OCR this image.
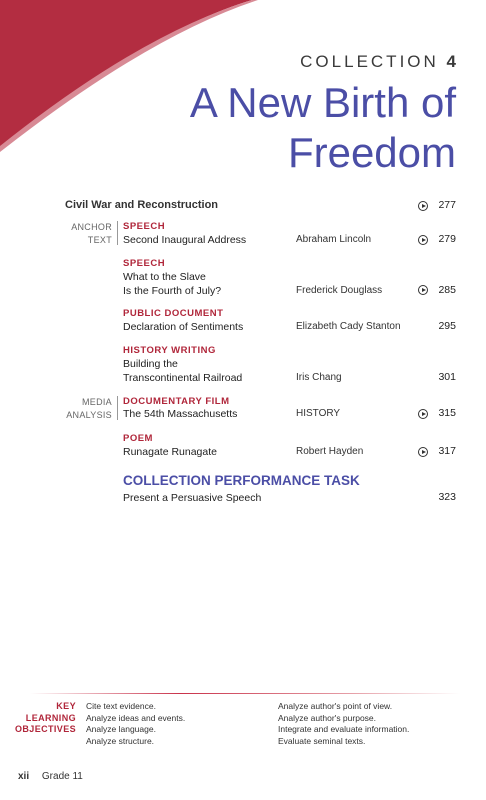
COLLECTION 4
A New Birth of
Freedom
Civil War and Reconstruction	277
ANCHOR
TEXT
SPEECH
Second Inaugural Address	Abraham Lincoln	279
SPEECH
What to the Slave
Is the Fourth of July?	Frederick Douglass	285
PUBLIC DOCUMENT
Declaration of Sentiments	Elizabeth Cady Stanton	295
HISTORY WRITING
Building the
Transcontinental Railroad	Iris Chang	301
MEDIA
ANALYSIS
DOCUMENTARY FILM
The 54th Massachusetts	HISTORY	315
POEM
Runagate Runagate	Robert Hayden	317
COLLECTION PERFORMANCE TASK
Present a Persuasive Speech	323
KEY
LEARNING
OBJECTIVES
Cite text evidence.
Analyze ideas and events.
Analyze language.
Analyze structure.
Analyze author's point of view.
Analyze author's purpose.
Integrate and evaluate information.
Evaluate seminal texts.
xii Grade 11
